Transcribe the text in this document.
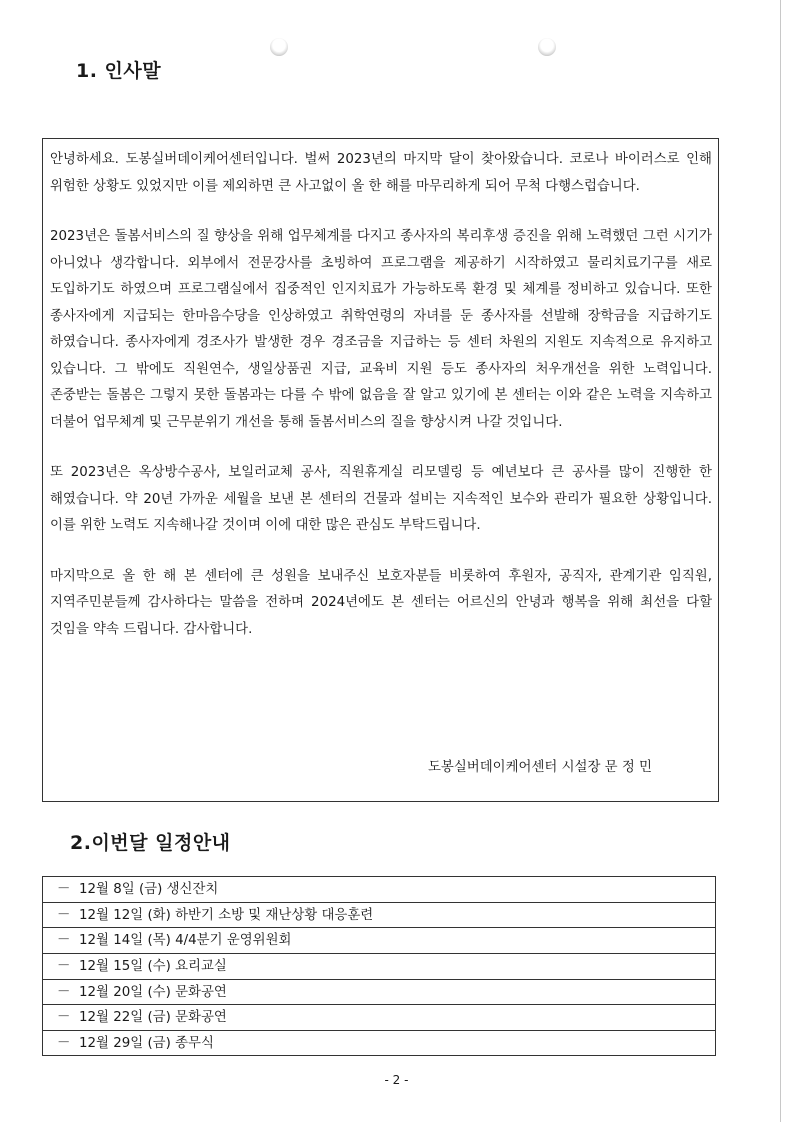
1. 인사말

안녕하세요. 도봉실버데이케어센터입니다. 벌써 2023년의 마지막 달이 찾아왔습니다. 코로나 바이러스로 인해 위험한 상황도 있었지만 이를 제외하면 큰 사고없이 올 한 해를 마무리하게 되어 무척 다행스럽습니다.

2023년은 돌봄서비스의 질 향상을 위해 업무체계를 다지고 종사자의 복리후생 증진을 위해 노력했던 그런 시기가 아니었나 생각합니다. 외부에서 전문강사를 초빙하여 프로그램을 제공하기 시작하였고 물리치료기구를 새로 도입하기도 하였으며 프로그램실에서 집중적인 인지치료가 가능하도록 환경 및 체계를 정비하고 있습니다. 또한 종사자에게 지급되는 한마음수당을 인상하였고 취학연령의 자녀를 둔 종사자를 선발해 장학금을 지급하기도 하였습니다. 종사자에게 경조사가 발생한 경우 경조금을 지급하는 등 센터 차원의 지원도 지속적으로 유지하고 있습니다. 그 밖에도 직원연수, 생일상품권 지급, 교육비 지원 등도 종사자의 처우개선을 위한 노력입니다. 존중받는 돌봄은 그렇지 못한 돌봄과는 다를 수 밖에 없음을 잘 알고 있기에 본 센터는 이와 같은 노력을 지속하고 더불어 업무체계 및 근무분위기 개선을 통해 돌봄서비스의 질을 향상시켜 나갈 것입니다.

또 2023년은 옥상방수공사, 보일러교체 공사, 직원휴게실 리모델링 등 예년보다 큰 공사를 많이 진행한 한 해였습니다. 약 20년 가까운 세월을 보낸 본 센터의 건물과 설비는 지속적인 보수와 관리가 필요한 상황입니다. 이를 위한 노력도 지속해나갈 것이며 이에 대한 많은 관심도 부탁드립니다.

마지막으로 올 한 해 본 센터에 큰 성원을 보내주신 보호자분들 비롯하여 후원자, 공직자, 관계기관 임직원, 지역주민분들께 감사하다는 말씀을 전하며 2024년에도 본 센터는 어르신의 안녕과 행복을 위해 최선을 다할 것임을 약속 드립니다. 감사합니다.

도봉실버데이케어센터 시설장 문 정 민
2.이번달 일정안내
－ 12월 8일 (금) 생신잔치
－ 12월 12일 (화) 하반기 소방 및 재난상황 대응훈련
－ 12월 14일 (목) 4/4분기 운영위원회
－ 12월 15일 (수) 요리교실
－ 12월 20일 (수) 문화공연
－ 12월 22일 (금) 문화공연
－ 12월 29일 (금) 종무식
- 2 -
